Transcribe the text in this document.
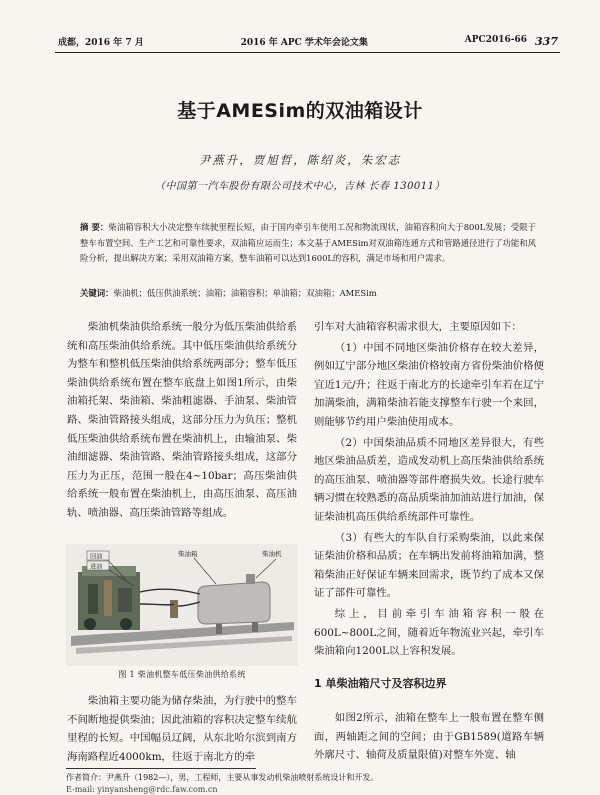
成都，2016 年 7 月	2016 年 APC 学术年会论文集	APC2016-66 337
基于AMESim的双油箱设计
尹燕升，贾旭哲，陈绍炎，朱宏志
（中国第一汽车股份有限公司技术中心，吉林 长春 130011）
摘 要：柴油箱容积大小决定整车续驶里程长短，由于国内牵引车使用工况和物流现状，油箱容积向大于800L发展；受限于整车布置空间、生产工艺和可靠性要求，双油箱应运而生；本文基于AMESim对双油箱连通方式和管路通径进行了功能和风险分析，提出解决方案；采用双油箱方案，整车油箱可以达到1600L的容积，满足市场和用户需求。
关键词：柴油机；低压供油系统；油箱；油箱容积；单油箱；双油箱；AMESim

柴油机柴油供给系统一般分为低压柴油供给系统和高压柴油供给系统。其中低压柴油供给系统分为整车和整机低压柴油供给系统两部分；整车低压柴油供给系统布置在整车底盘上如图1所示，由柴油箱托架、柴油箱、柴油粗滤器、手油泵、柴油管路、柴油管路接头组成，这部分压力为负压；整机低压柴油供给系统布置在柴油机上，由输油泵、柴油细滤器、柴油管路、柴油管路接头组成，这部分压力为正压，范围一般在4~10bar；高压柴油供给系统一般布置在柴油机上，由高压油泵、高压油轨、喷油器、高压柴油管路等组成。

回油
进油
柴油箱	柴油机
图 1 柴油机整车低压柴油供给系统

柴油箱主要功能为储存柴油，为行驶中的整车不间断地提供柴油；因此油箱的容积决定整车续航里程的长短。中国幅员辽阔，从东北哈尔滨到南方海南路程近4000km，往返于南北方的牵

引车对大油箱容积需求很大，主要原因如下：

（1）中国不同地区柴油价格存在较大差异，例如辽宁部分地区柴油价格较南方省份柴油价格便宜近1元/升；往返于南北方的长途牵引车若在辽宁加满柴油，满箱柴油若能支撑整车行驶一个来回，则能够节约用户柴油使用成本。

（2）中国柴油品质不同地区差异很大，有些地区柴油品质差，造成发动机上高压柴油供给系统的高压油泵、喷油器等部件磨损失效。长途行驶车辆习惯在较熟悉的高品质柴油加油站进行加油，保证柴油机高压供给系统部件可靠性。

（3）有些大的车队自行采购柴油，以此来保证柴油价格和品质；在车辆出发前将油箱加满，整箱柴油正好保证车辆来回需求，既节约了成本又保证了部件可靠性。

综上，目前牵引车油箱容积一般在600L~800L之间，随着近年物流业兴起，牵引车柴油箱向1200L以上容积发展。

1 单柴油箱尺寸及容积边界

如图2所示，油箱在整车上一般布置在整车侧面，两轴距之间的空间；由于GB1589(道路车辆外廓尺寸、轴荷及质量限值)对整车外宽、轴

作者简介：尹燕升（1982—），男，工程师，主要从事发动机柴油喷射系统设计和开发。
E-mail: yinyansheng@rdc.faw.com.cn
